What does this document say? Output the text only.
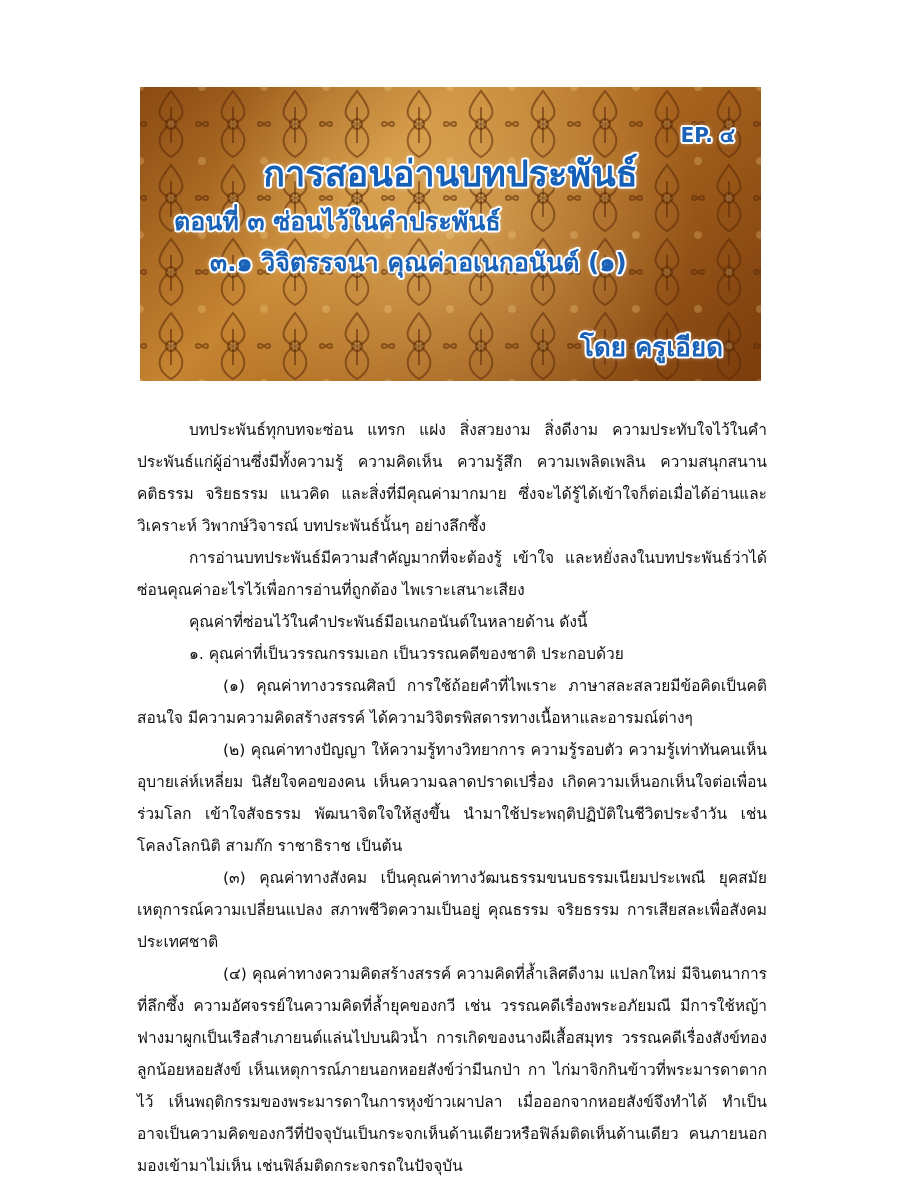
EP. ๔
การสอนอ่านบทประพันธ์
ตอนที่ ๓ ซ่อนไว้ในคำประพันธ์
๓.๑ วิจิตรรจนา คุณค่าอเนกอนันต์ (๑)
โดย ครูเอียด

บทประพันธ์ทุกบทจะซ่อน แทรก แฝง สิ่งสวยงาม สิ่งดีงาม ความประทับใจไว้ในคำประพันธ์แก่ผู้อ่านซึ่งมีทั้งความรู้ ความคิดเห็น ความรู้สึก ความเพลิดเพลิน ความสนุกสนาน คติธรรม จริยธรรม แนวคิด และสิ่งที่มีคุณค่ามากมาย ซึ่งจะได้รู้ได้เข้าใจก็ต่อเมื่อได้อ่านและวิเคราะห์ วิพากษ์วิจารณ์ บทประพันธ์นั้นๆ อย่างลึกซึ้ง

การอ่านบทประพันธ์มีความสำคัญมากที่จะต้องรู้ เข้าใจ และหยั่งลงในบทประพันธ์ว่าได้ซ่อนคุณค่าอะไรไว้เพื่อการอ่านที่ถูกต้อง ไพเราะเสนาะเสียง

คุณค่าที่ซ่อนไว้ในคำประพันธ์มีอเนกอนันต์ในหลายด้าน ดังนี้

๑. คุณค่าที่เป็นวรรณกรรมเอก เป็นวรรณคดีของชาติ ประกอบด้วย

(๑) คุณค่าทางวรรณศิลป์ การใช้ถ้อยคำที่ไพเราะ ภาษาสละสลวยมีข้อคิดเป็นคติสอนใจ มีความความคิดสร้างสรรค์ ได้ความวิจิตรพิสดารทางเนื้อหาและอารมณ์ต่างๆ

(๒) คุณค่าทางปัญญา ให้ความรู้ทางวิทยาการ ความรู้รอบตัว ความรู้เท่าทันคนเห็นอุบายเล่ห์เหลี่ยม นิสัยใจคอของคน เห็นความฉลาดปราดเปรื่อง เกิดความเห็นอกเห็นใจต่อเพื่อนร่วมโลก เข้าใจสัจธรรม พัฒนาจิตใจให้สูงขึ้น นำมาใช้ประพฤติปฏิบัติในชีวิตประจำวัน เช่น โคลงโลกนิติ สามก๊ก ราชาธิราช เป็นต้น

(๓) คุณค่าทางสังคม เป็นคุณค่าทางวัฒนธรรมขนบธรรมเนียมประเพณี ยุคสมัย เหตุการณ์ความเปลี่ยนแปลง สภาพชีวิตความเป็นอยู่ คุณธรรม จริยธรรม การเสียสละเพื่อสังคม ประเทศชาติ

(๔) คุณค่าทางความคิดสร้างสรรค์ ความคิดที่ล้ำเลิศดีงาม แปลกใหม่ มีจินตนาการที่ลึกซึ้ง ความอัศจรรย์ในความคิดที่ล้ำยุคของกวี เช่น วรรณคดีเรื่องพระอภัยมณี มีการใช้หญ้าฟางมาผูกเป็นเรือสำเภายนต์แล่นไปบนผิวน้ำ การเกิดของนางผีเสื้อสมุทร วรรณคดีเรื่องสังข์ทอง ลูกน้อยหอยสังข์ เห็นเหตุการณ์ภายนอกหอยสังข์ว่ามีนกป่า กา ไก่มาจิกกินข้าวที่พระมารดาตากไว้ เห็นพฤติกรรมของพระมารดาในการหุงข้าวเผาปลา เมื่อออกจากหอยสังข์จึงทำได้ ทำเป็น อาจเป็นความคิดของกวีที่ปัจจุบันเป็นกระจกเห็นด้านเดียวหรือฟิล์มติดเห็นด้านเดียว คนภายนอกมองเข้ามาไม่เห็น เช่นฟิล์มติดกระจกรถในปัจจุบัน
